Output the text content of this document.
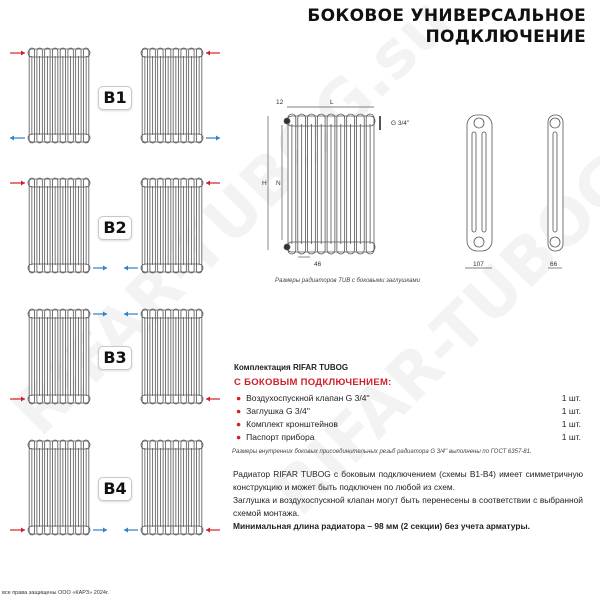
БОКОВОЕ УНИВЕРСАЛЬНОЕ
ПОДКЛЮЧЕНИЕ
B1
B2
B3
B4
12	L
H N
G 3/4''
46	107	66
Размеры радиаторов TUB с боковыми заглушками
Комплектация RIFAR TUBOG
С БОКОВЫМ ПОДКЛЮЧЕНИЕМ:
● Воздухоспускной клапан G 3/4''	1 шт.
● Заглушка G 3/4''	1 шт.
● Комплект кронштейнов	1 шт.
● Паспорт прибора	1 шт.
Размеры внутренних боковых присоединительных резьб радиатора G 3/4'' выполнены по ГОСТ 6357-81.
Радиатор RIFAR TUBOG с боковым подключением (схемы В1-В4) имеет симметричную конструкцию и может быть подключен по любой из схем.
Заглушка и воздухоспускной клапан могут быть перенесены в соответствии с выбранной схемой монтажа.
Минимальная длина радиатора – 98 мм (2 секции) без учета арматуры.
все права защищены ООО «КАРЗ» 2024г.
